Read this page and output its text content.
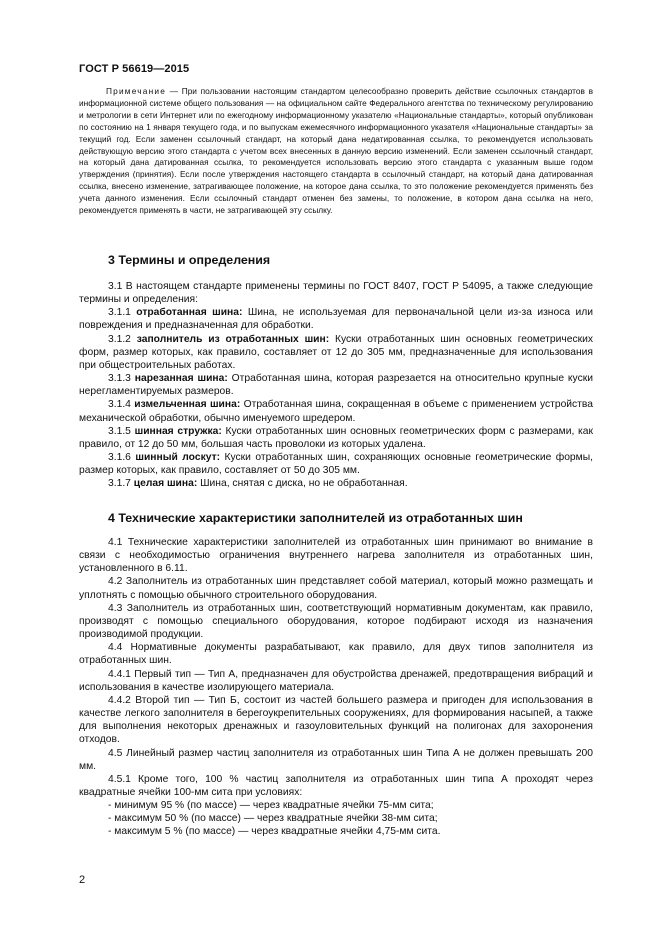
ГОСТ Р 56619—2015

Примечание — При пользовании настоящим стандартом целесообразно проверить действие ссылочных стандартов в информационной системе общего пользования — на официальном сайте Федерального агентства по техническому регулированию и метрологии в сети Интернет или по ежегодному информационному указателю «Национальные стандарты», который опубликован по состоянию на 1 января текущего года, и по выпускам ежемесячного информационного указателя «Национальные стандарты» за текущий год. Если заменен ссылочный стандарт, на который дана недатированная ссылка, то рекомендуется использовать действующую версию этого стандарта с учетом всех внесенных в данную версию изменений. Если заменен ссылочный стандарт, на который дана датированная ссылка, то рекомендуется использовать версию этого стандарта с указанным выше годом утверждения (принятия). Если после утверждения настоящего стандарта в ссылочный стандарт, на который дана датированная ссылка, внесено изменение, затрагивающее положение, на которое дана ссылка, то это положение рекомендуется применять без учета данного изменения. Если ссылочный стандарт отменен без замены, то положение, в котором дана ссылка на него, рекомендуется применять в части, не затрагивающей эту ссылку.

3 Термины и определения

3.1 В настоящем стандарте применены термины по ГОСТ 8407, ГОСТ Р 54095, а также следующие термины и определения:

3.1.1 отработанная шина: Шина, не используемая для первоначальной цели из-за износа или повреждения и предназначенная для обработки.

3.1.2 заполнитель из отработанных шин: Куски отработанных шин основных геометрических форм, размер которых, как правило, составляет от 12 до 305 мм, предназначенные для использования при общестроительных работах.

3.1.3 нарезанная шина: Отработанная шина, которая разрезается на относительно крупные куски нерегламентируемых размеров.

3.1.4 измельченная шина: Отработанная шина, сокращенная в объеме с применением устройства механической обработки, обычно именуемого шредером.

3.1.5 шинная стружка: Куски отработанных шин основных геометрических форм с размерами, как правило, от 12 до 50 мм, большая часть проволоки из которых удалена.

3.1.6 шинный лоскут: Куски отработанных шин, сохраняющих основные геометрические формы, размер которых, как правило, составляет от 50 до 305 мм.

3.1.7 целая шина: Шина, снятая с диска, но не обработанная.

4 Технические характеристики заполнителей из отработанных шин

4.1 Технические характеристики заполнителей из отработанных шин принимают во внимание в связи с необходимостью ограничения внутреннего нагрева заполнителя из отработанных шин, установленного в 6.11.

4.2 Заполнитель из отработанных шин представляет собой материал, который можно размещать и уплотнять с помощью обычного строительного оборудования.

4.3 Заполнитель из отработанных шин, соответствующий нормативным документам, как правило, производят с помощью специального оборудования, которое подбирают исходя из назначения производимой продукции.

4.4 Нормативные документы разрабатывают, как правило, для двух типов заполнителя из отработанных шин.

4.4.1 Первый тип — Тип А, предназначен для обустройства дренажей, предотвращения вибраций и использования в качестве изолирующего материала.

4.4.2 Второй тип — Тип Б, состоит из частей большего размера и пригоден для использования в качестве легкого заполнителя в берегоукрепительных сооружениях, для формирования насыпей, а также для выполнения некоторых дренажных и газоуловительных функций на полигонах для захоронения отходов.

4.5 Линейный размер частиц заполнителя из отработанных шин Типа А не должен превышать 200 мм.

4.5.1 Кроме того, 100 % частиц заполнителя из отработанных шин типа А проходят через квадратные ячейки 100-мм сита при условиях:

- минимум 95 % (по массе) — через квадратные ячейки 75-мм сита;

- максимум 50 % (по массе) — через квадратные ячейки 38-мм сита;

- максимум 5 % (по массе) — через квадратные ячейки 4,75-мм сита.

2
